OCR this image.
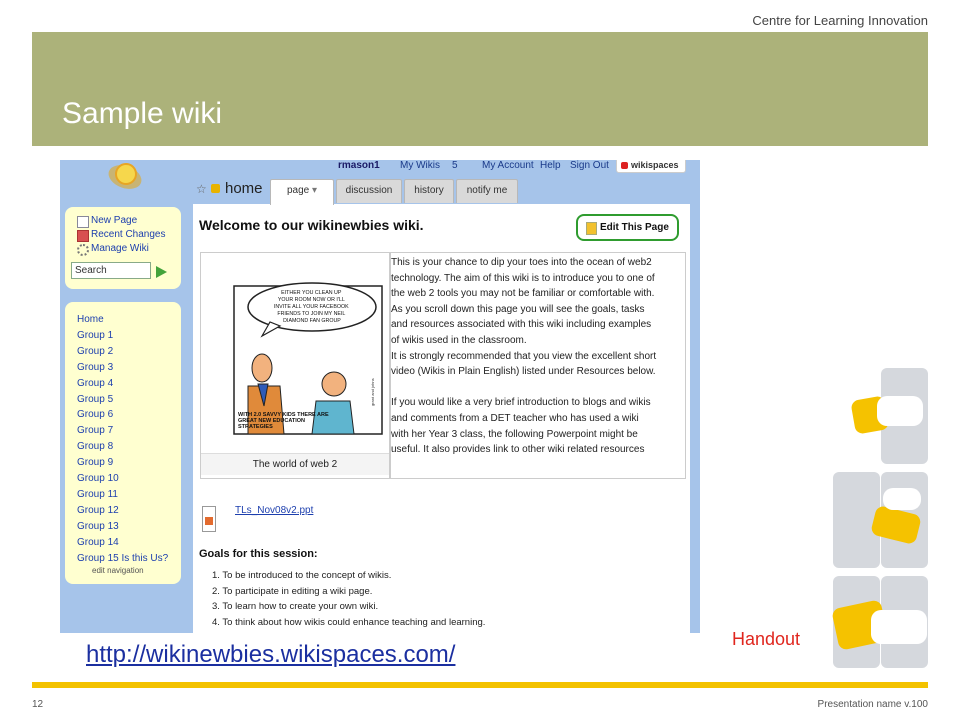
Centre for Learning Innovation
Sample wiki
rmason1 My Wikis 5 My Account Help Sign Out	wikispaces
New Page
Recent Changes
Manage Wiki
Search
Home
Group 1
Group 2
Group 3
Group 4
Group 5
Group 6
Group 7
Group 8
Group 9
Group 10
Group 11
Group 12
Group 13
Group 14
Group 15 Is this Us?
edit navigation
☆ home	page ▾	discussion	history	notify me
Welcome to our wikinewbies wiki.	Edit This Page
EITHER YOU CLEAN UP YOUR ROOM NOW OR I'LL INVITE ALL YOUR FACEBOOK FRIENDS TO JOIN MY NEIL DIAMOND FAN GROUP
WITH 2.0 SAVVY KIDS THERE ARE GREAT NEW EDUCATION STRATEGIES
grant and johns
The world of web 2
This is your chance to dip your toes into the ocean of web2
technology. The aim of this wiki is to introduce you to one of
the web 2 tools you may not be familiar or comfortable with.
As you scroll down this page you will see the goals, tasks
and resources associated with this wiki including examples
of wikis used in the classroom.
It is strongly recommended that you view the excellent short
video (Wikis in Plain English) listed under Resources below.
If you would like a very brief introduction to blogs and wikis
and comments from a DET teacher who has used a wiki
with her Year 3 class, the following Powerpoint might be
useful. It also provides link to other wiki related resources
TLs_Nov08v2.ppt
Goals for this session:
1. To be introduced to the concept of wikis.
2. To participate in editing a wiki page.
3. To learn how to create your own wiki.
4. To think about how wikis could enhance teaching and learning.
http://wikinewbies.wikispaces.com/
Handout
12	Presentation name v.100
